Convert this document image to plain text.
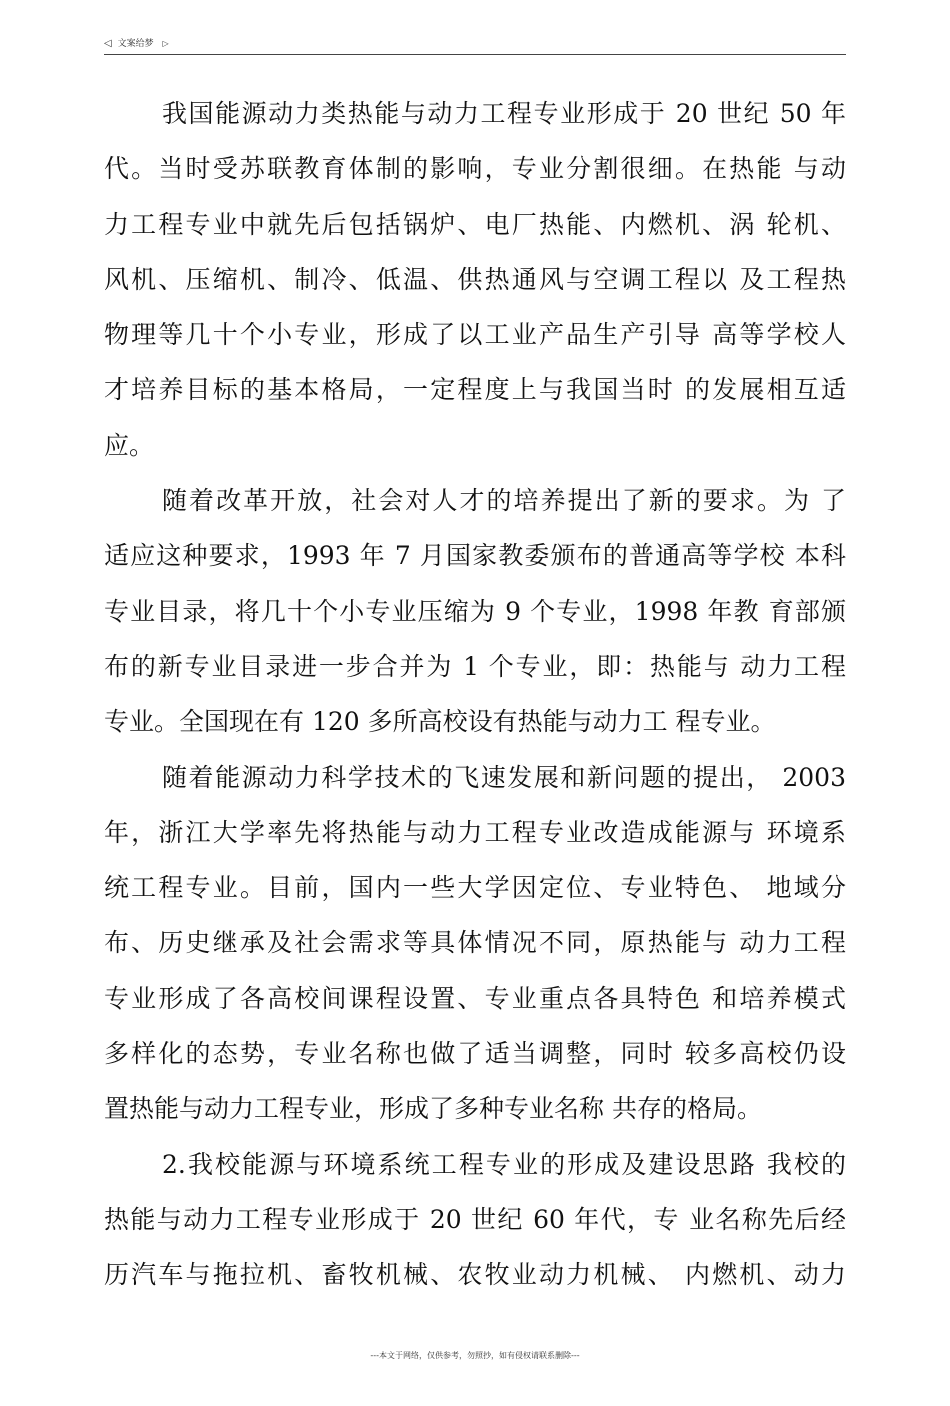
◁ 文案给梦 ▷
我国能源动力类热能与动力工程专业形成于 20 世纪 50 年
代。当时受苏联教育体制的影响，专业分割很细。在热能 与动
力工程专业中就先后包括锅炉、电厂热能、内燃机、涡 轮机、
风机、压缩机、制冷、低温、供热通风与空调工程以 及工程热
物理等几十个小专业，形成了以工业产品生产引导 高等学校人
才培养目标的基本格局，一定程度上与我国当时 的发展相互适
应。
随着改革开放，社会对人才的培养提出了新的要求。为 了
适应这种要求，1993 年 7 月国家教委颁布的普通高等学校 本科
专业目录，将几十个小专业压缩为 9 个专业，1998 年教 育部颁
布的新专业目录进一步合并为 1 个专业，即：热能与 动力工程
专业。全国现在有 120 多所高校设有热能与动力工 程专业。
随着能源动力科学技术的飞速发展和新问题的提出， 2003
年，浙江大学率先将热能与动力工程专业改造成能源与 环境系
统工程专业。目前，国内一些大学因定位、专业特色、 地域分
布、历史继承及社会需求等具体情况不同，原热能与 动力工程
专业形成了各高校间课程设置、专业重点各具特色 和培养模式
多样化的态势，专业名称也做了适当调整，同时 较多高校仍设
置热能与动力工程专业，形成了多种专业名称 共存的格局。
2.我校能源与环境系统工程专业的形成及建设思路 我校的
热能与动力工程专业形成于 20 世纪 60 年代，专 业名称先后经
历汽车与拖拉机、畜牧机械、农牧业动力机械、 内燃机、动力
---本文于网络，仅供参考，勿照抄，如有侵权请联系删除---
